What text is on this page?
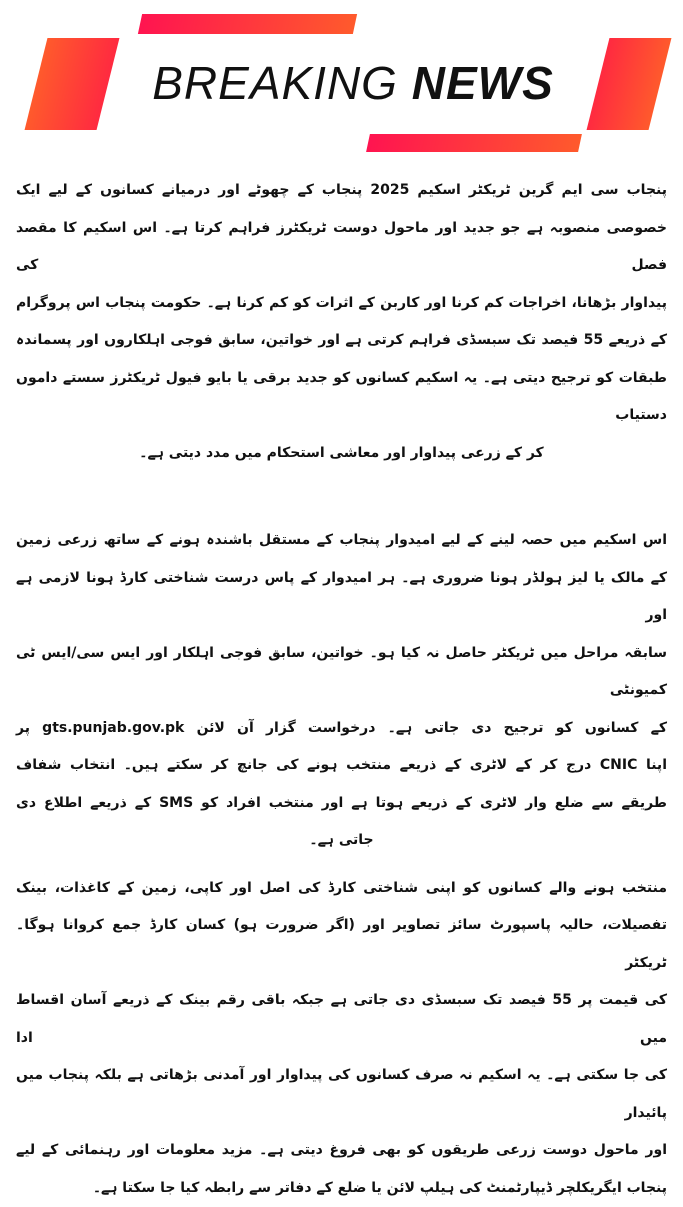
BREAKING NEWS
پنجاب سی ایم گرین ٹریکٹر اسکیم 2025 پنجاب کے چھوٹے اور درمیانے کسانوں کے لیے ایک
خصوصی منصوبہ ہے جو جدید اور ماحول دوست ٹریکٹرز فراہم کرتا ہے۔ اس اسکیم کا مقصد فصل کی
پیداوار بڑھانا، اخراجات کم کرنا اور کاربن کے اثرات کو کم کرنا ہے۔ حکومت پنجاب اس پروگرام
کے ذریعے 55 فیصد تک سبسڈی فراہم کرتی ہے اور خواتین، سابق فوجی اہلکاروں اور پسماندہ
طبقات کو ترجیح دیتی ہے۔ یہ اسکیم کسانوں کو جدید برقی یا بایو فیول ٹریکٹرز سستے داموں دستیاب
کر کے زرعی پیداوار اور معاشی استحکام میں مدد دیتی ہے۔
اس اسکیم میں حصہ لینے کے لیے امیدوار پنجاب کے مستقل باشندہ ہونے کے ساتھ زرعی زمین
کے مالک یا لیز ہولڈر ہونا ضروری ہے۔ ہر امیدوار کے پاس درست شناختی کارڈ ہونا لازمی ہے اور
سابقہ مراحل میں ٹریکٹر حاصل نہ کیا ہو۔ خواتین، سابق فوجی اہلکار اور ایس سی/ایس ٹی کمیونٹی
کے کسانوں کو ترجیح دی جاتی ہے۔ درخواست گزار آن لائن gts.punjab.gov.pk پر
اپنا CNIC درج کر کے لاٹری کے ذریعے منتخب ہونے کی جانچ کر سکتے ہیں۔ انتخاب شفاف
طریقے سے ضلع وار لاٹری کے ذریعے ہوتا ہے اور منتخب افراد کو SMS کے ذریعے اطلاع دی
جاتی ہے۔
منتخب ہونے والے کسانوں کو اپنی شناختی کارڈ کی اصل اور کاپی، زمین کے کاغذات، بینک
تفصیلات، حالیہ پاسپورٹ سائز تصاویر اور (اگر ضرورت ہو) کسان کارڈ جمع کروانا ہوگا۔ ٹریکٹر
کی قیمت پر 55 فیصد تک سبسڈی دی جاتی ہے جبکہ باقی رقم بینک کے ذریعے آسان اقساط میں ادا
کی جا سکتی ہے۔ یہ اسکیم نہ صرف کسانوں کی پیداوار اور آمدنی بڑھاتی ہے بلکہ پنجاب میں پائیدار
اور ماحول دوست زرعی طریقوں کو بھی فروغ دیتی ہے۔ مزید معلومات اور رہنمائی کے لیے
پنجاب ایگریکلچر ڈیپارٹمنٹ کی ہیلپ لائن یا ضلع کے دفاتر سے رابطہ کیا جا سکتا ہے۔
